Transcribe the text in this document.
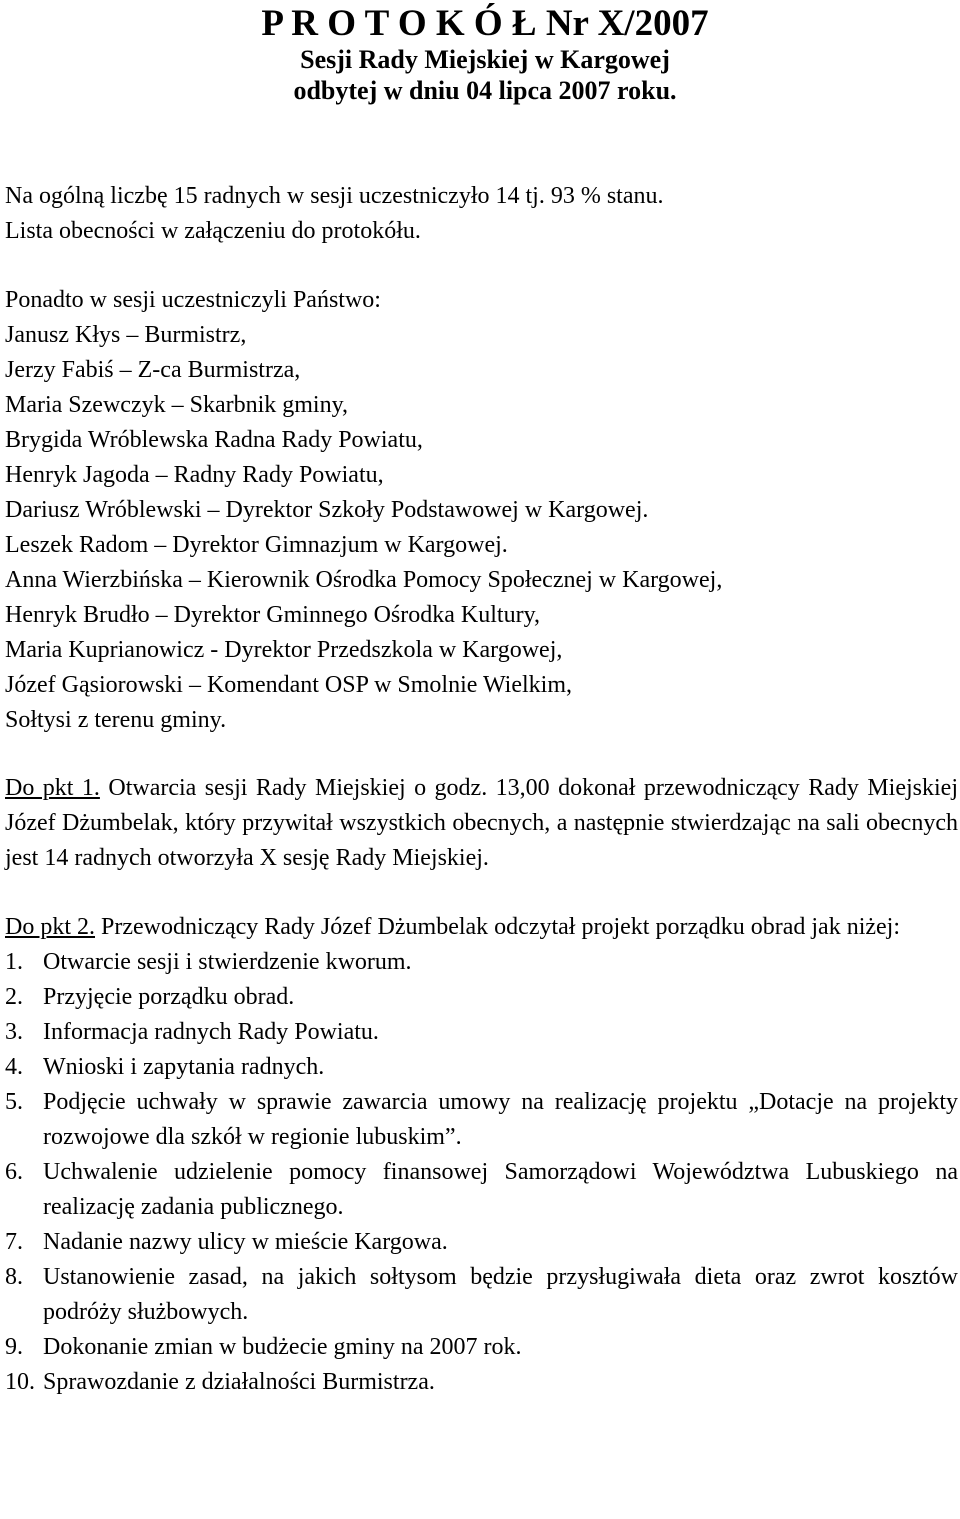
P R O T O K Ó Ł Nr X/2007
Sesji Rady Miejskiej w Kargowej
odbytej w dniu 04 lipca 2007 roku.

Na ogólną liczbę 15 radnych w sesji uczestniczyło 14 tj. 93 % stanu.

Lista obecności w załączeniu do protokółu.

Ponadto w sesji uczestniczyli Państwo:

Janusz Kłys – Burmistrz,

Jerzy Fabiś – Z-ca Burmistrza,

Maria Szewczyk – Skarbnik gminy,

Brygida Wróblewska Radna Rady Powiatu,

Henryk Jagoda – Radny Rady Powiatu,

Dariusz Wróblewski – Dyrektor Szkoły Podstawowej w Kargowej.

Leszek Radom – Dyrektor Gimnazjum w Kargowej.

Anna Wierzbińska – Kierownik Ośrodka Pomocy Społecznej w Kargowej,

Henryk Brudło – Dyrektor Gminnego Ośrodka Kultury,

Maria Kuprianowicz - Dyrektor Przedszkola w Kargowej,

Józef Gąsiorowski – Komendant OSP w Smolnie Wielkim,

Sołtysi z terenu gminy.

Do pkt 1. Otwarcia sesji Rady Miejskiej o godz. 13,00 dokonał przewodniczący Rady Miejskiej Józef Dżumbelak, który przywitał wszystkich obecnych, a następnie stwierdzając na sali obecnych jest 14 radnych otworzyła X sesję Rady Miejskiej.

Do pkt 2. Przewodniczący Rady Józef Dżumbelak odczytał projekt porządku obrad jak niżej:

1. Otwarcie sesji i stwierdzenie kworum.
2. Przyjęcie porządku obrad.
3. Informacja radnych Rady Powiatu.
4. Wnioski i zapytania radnych.
5. Podjęcie uchwały w sprawie zawarcia umowy na realizację projektu „Dotacje na projekty rozwojowe dla szkół w regionie lubuskim”.
6. Uchwalenie udzielenie pomocy finansowej Samorządowi Województwa Lubuskiego na realizację zadania publicznego.
7. Nadanie nazwy ulicy w mieście Kargowa.
8. Ustanowienie zasad, na jakich sołtysom będzie przysługiwała dieta oraz zwrot kosztów podróży służbowych.
9. Dokonanie zmian w budżecie gminy na 2007 rok.
10. Sprawozdanie z działalności Burmistrza.
